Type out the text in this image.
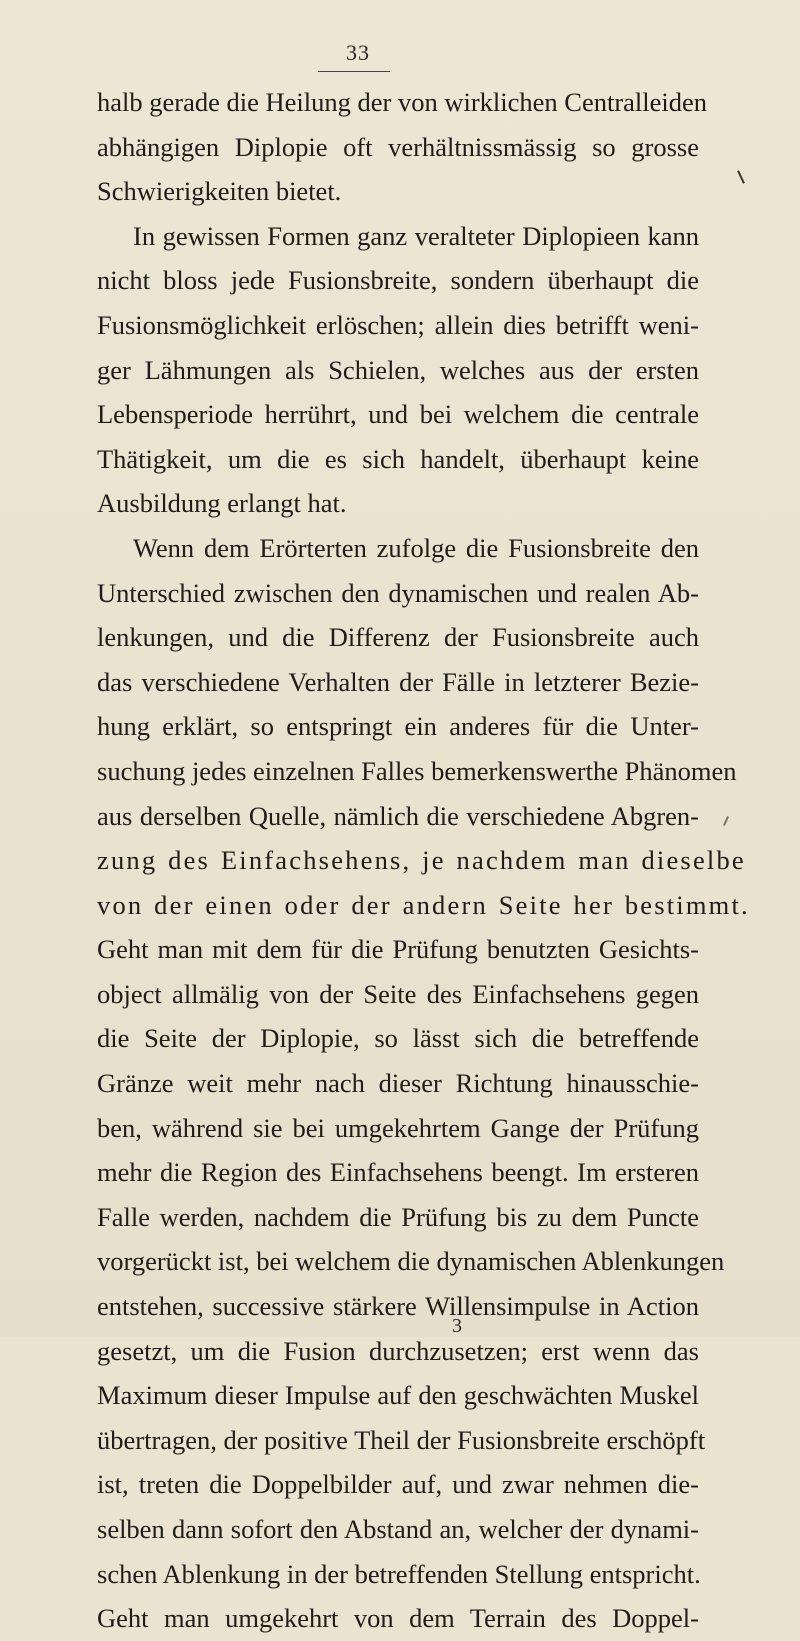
33
halb gerade die Heilung der von wirklichen Centralleiden
abhängigen Diplopie oft verhältnissmässig so grosse
Schwierigkeiten bietet.
In gewissen Formen ganz veralteter Diplopieen kann
nicht bloss jede Fusionsbreite, sondern überhaupt die
Fusionsmöglichkeit erlöschen; allein dies betrifft weni-
ger Lähmungen als Schielen, welches aus der ersten
Lebensperiode herrührt, und bei welchem die centrale
Thätigkeit, um die es sich handelt, überhaupt keine
Ausbildung erlangt hat.
Wenn dem Erörterten zufolge die Fusionsbreite den
Unterschied zwischen den dynamischen und realen Ab-
lenkungen, und die Differenz der Fusionsbreite auch
das verschiedene Verhalten der Fälle in letzterer Bezie-
hung erklärt, so entspringt ein anderes für die Unter-
suchung jedes einzelnen Falles bemerkenswerthe Phänomen
aus derselben Quelle, nämlich die verschiedene Abgren-
zung des Einfachsehens, je nachdem man dieselbe
von der einen oder der andern Seite her bestimmt.
Geht man mit dem für die Prüfung benutzten Gesichts-
object allmälig von der Seite des Einfachsehens gegen
die Seite der Diplopie, so lässt sich die betreffende
Gränze weit mehr nach dieser Richtung hinausschie-
ben, während sie bei umgekehrtem Gange der Prüfung
mehr die Region des Einfachsehens beengt. Im ersteren
Falle werden, nachdem die Prüfung bis zu dem Puncte
vorgerückt ist, bei welchem die dynamischen Ablenkungen
entstehen, successive stärkere Willensimpulse in Action
gesetzt, um die Fusion durchzusetzen; erst wenn das
Maximum dieser Impulse auf den geschwächten Muskel
übertragen, der positive Theil der Fusionsbreite erschöpft
ist, treten die Doppelbilder auf, und zwar nehmen die-
selben dann sofort den Abstand an, welcher der dynami-
schen Ablenkung in der betreffenden Stellung entspricht.
Geht man umgekehrt von dem Terrain des Doppel-
3
